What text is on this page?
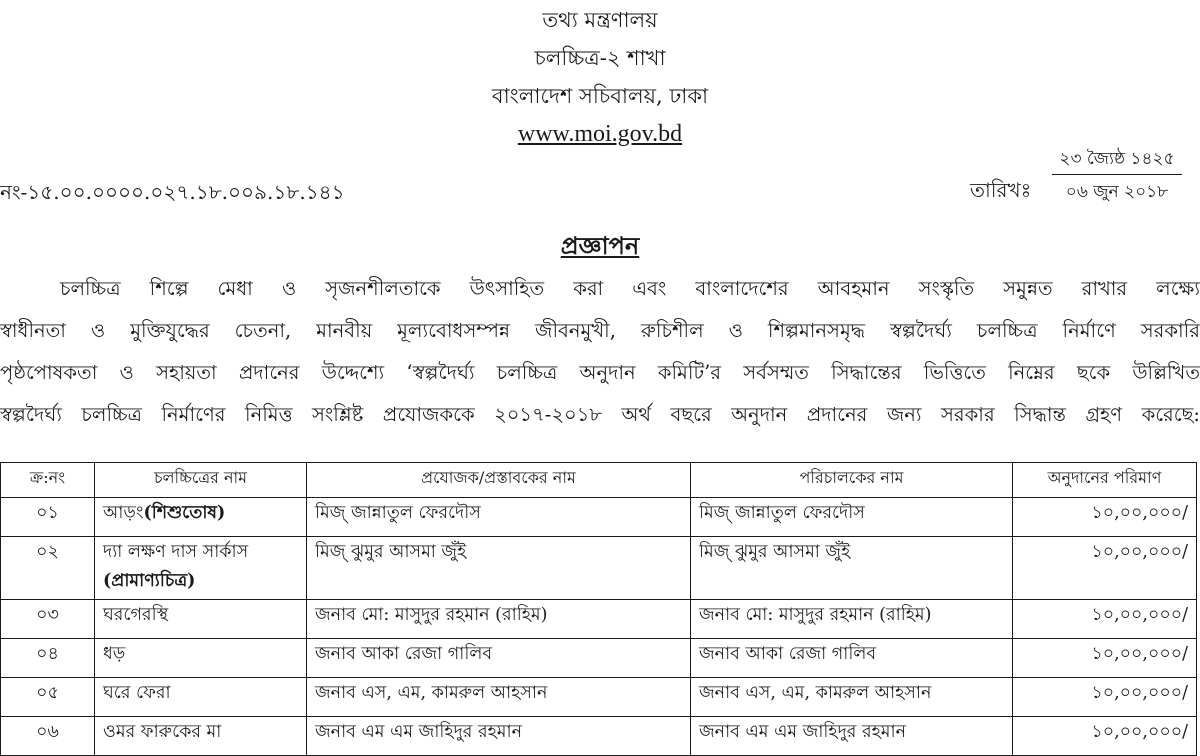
তথ্য মন্ত্রণালয়
চলচ্চিত্র-২ শাখা
বাংলাদেশ সচিবালয়, ঢাকা
www.moi.gov.bd
নং-১৫.০০.০০০০.০২৭.১৮.০০৯.১৮.১৪১	তারিখঃ
২৩ জ্যৈষ্ঠ ১৪২৫
০৬ জুন ২০১৮
প্রজ্ঞাপন
চলচ্চিত্র শিল্পে মেধা ও সৃজনশীলতাকে উৎসাহিত করা এবং বাংলাদেশের আবহমান সংস্কৃতি সমুন্নত রাখার লক্ষ্যে
স্বাধীনতা ও মুক্তিযুদ্ধের চেতনা, মানবীয় মূল্যবোধসম্পন্ন জীবনমুখী, রুচিশীল ও শিল্পমানসমৃদ্ধ স্বল্পদৈর্ঘ্য চলচ্চিত্র নির্মাণে সরকারি
পৃষ্ঠপোষকতা ও সহায়তা প্রদানের উদ্দেশ্যে ‘স্বল্পদৈর্ঘ্য চলচ্চিত্র অনুদান কমিটি’র সর্বসম্মত সিদ্ধান্তের ভিত্তিতে নিম্নের ছকে উল্লিখিত
স্বল্পদৈর্ঘ্য চলচ্চিত্র নির্মাণের নিমিত্ত সংশ্লিষ্ট প্রযোজককে ২০১৭-২০১৮ অর্থ বছরে অনুদান প্রদানের জন্য সরকার সিদ্ধান্ত গ্রহণ করেছে:
ক্র:নং	চলচ্চিত্রের নাম	প্রযোজক/প্রস্তাবকের নাম	পরিচালকের নাম	অনুদানের পরিমাণ
০১	আড়ং(শিশুতোষ)	মিজ্‌ জান্নাতুল ফেরদৌস	মিজ্‌ জান্নাতুল ফেরদৌস	১০,০০,০০০/
০২	দ্যা লক্ষণ দাস সার্কাস
(প্রামাণ্যচিত্র)	মিজ্‌ ঝুমুর আসমা জুঁই	মিজ্‌ ঝুমুর আসমা জুঁই	১০,০০,০০০/
০৩	ঘরগেরস্থি	জনাব মো: মাসুদুর রহমান (রাহিম)	জনাব মো: মাসুদুর রহমান (রাহিম)	১০,০০,০০০/
০৪	ধড়	জনাব আকা রেজা গালিব	জনাব আকা রেজা গালিব	১০,০০,০০০/
০৫	ঘরে ফেরা	জনাব এস, এম, কামরুল আহসান	জনাব এস, এম, কামরুল আহসান	১০,০০,০০০/
০৬	ওমর ফারুকের মা	জনাব এম এম জাহিদুর রহমান	জনাব এম এম জাহিদুর রহমান	১০,০০,০০০/
